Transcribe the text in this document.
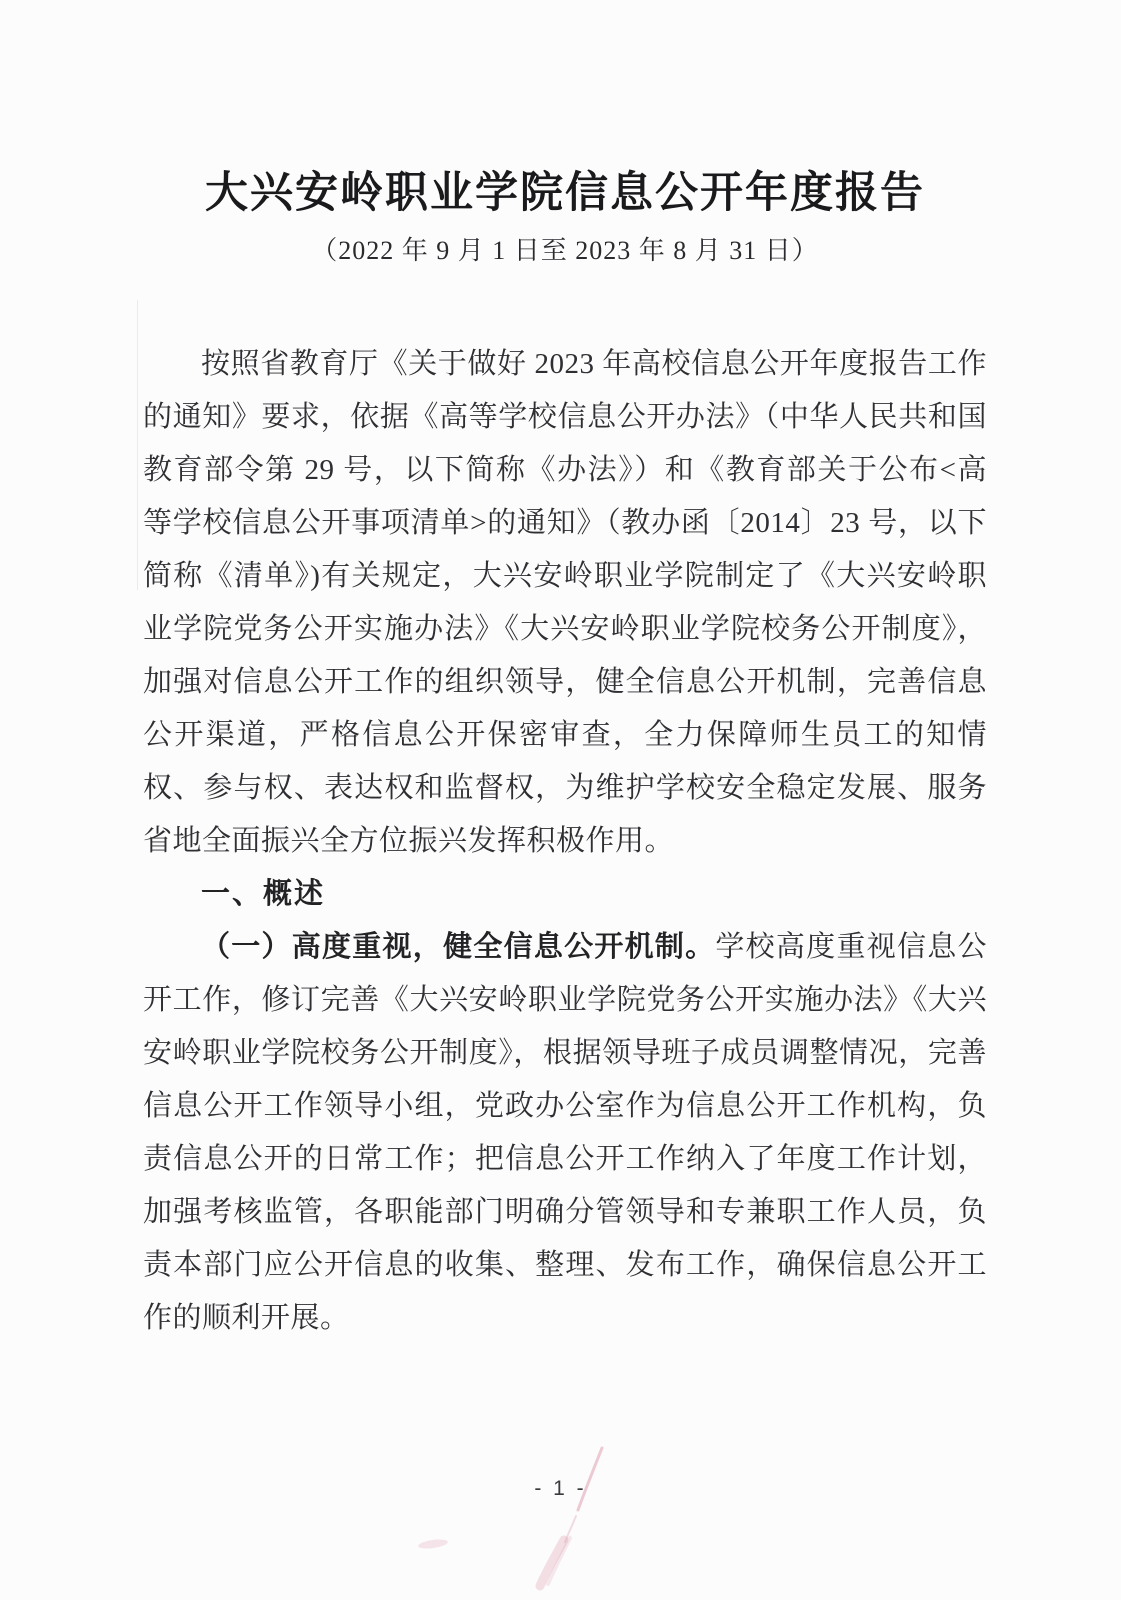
大兴安岭职业学院信息公开年度报告
（2022 年 9 月 1 日至 2023 年 8 月 31 日）

按照省教育厅《关于做好 2023 年高校信息公开年度报告工作的通知》要求，依据《高等学校信息公开办法》（中华人民共和国教育部令第 29 号，以下简称《办法》）和《教育部关于公布<高等学校信息公开事项清单>的通知》（教办函〔2014〕23 号，以下简称《清单》)有关规定，大兴安岭职业学院制定了《大兴安岭职业学院党务公开实施办法》《大兴安岭职业学院校务公开制度》，加强对信息公开工作的组织领导，健全信息公开机制，完善信息公开渠道，严格信息公开保密审查，全力保障师生员工的知情权、参与权、表达权和监督权，为维护学校安全稳定发展、服务省地全面振兴全方位振兴发挥积极作用。

一、概述

（一）高度重视，健全信息公开机制。学校高度重视信息公开工作，修订完善《大兴安岭职业学院党务公开实施办法》《大兴安岭职业学院校务公开制度》，根据领导班子成员调整情况，完善信息公开工作领导小组，党政办公室作为信息公开工作机构，负责信息公开的日常工作；把信息公开工作纳入了年度工作计划，加强考核监管，各职能部门明确分管领导和专兼职工作人员，负责本部门应公开信息的收集、整理、发布工作，确保信息公开工作的顺利开展。

- 1 -
